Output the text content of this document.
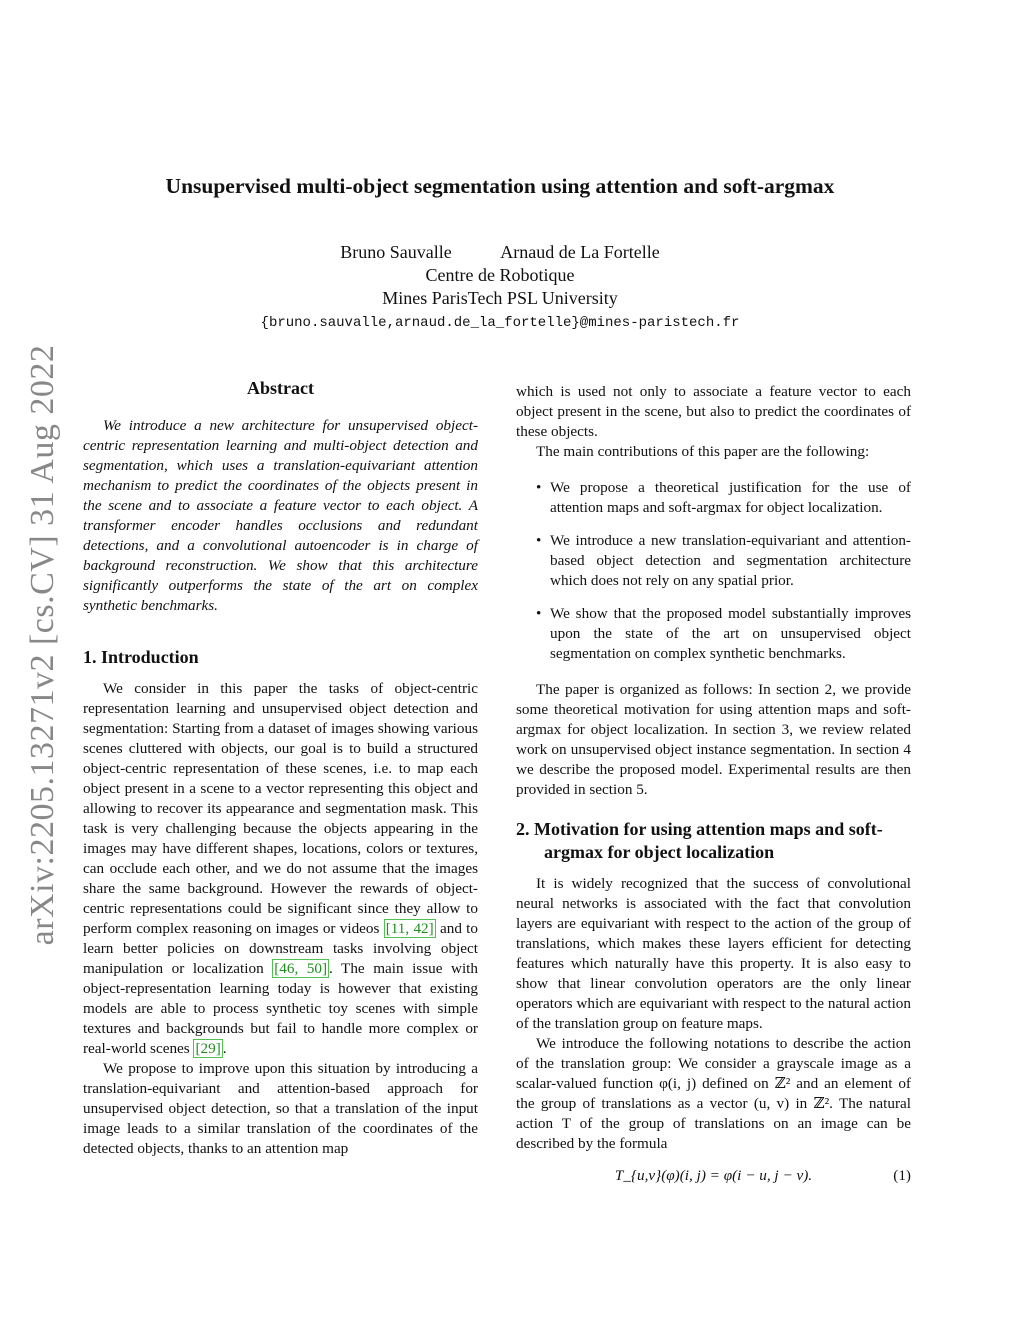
arXiv:2205.13271v2 [cs.CV] 31 Aug 2022
Unsupervised multi-object segmentation using attention and soft-argmax
Bruno Sauvalle	Arnaud de La Fortelle
Centre de Robotique
Mines ParisTech PSL University
{bruno.sauvalle,arnaud.de_la_fortelle}@mines-paristech.fr
Abstract

We introduce a new architecture for unsupervised object-centric representation learning and multi-object detection and segmentation, which uses a translation-equivariant attention mechanism to predict the coordinates of the objects present in the scene and to associate a feature vector to each object. A transformer encoder handles occlusions and redundant detections, and a convolutional autoencoder is in charge of background reconstruction. We show that this architecture significantly outperforms the state of the art on complex synthetic benchmarks.

1. Introduction

We consider in this paper the tasks of object-centric representation learning and unsupervised object detection and segmentation: Starting from a dataset of images showing various scenes cluttered with objects, our goal is to build a structured object-centric representation of these scenes, i.e. to map each object present in a scene to a vector representing this object and allowing to recover its appearance and segmentation mask. This task is very challenging because the objects appearing in the images may have different shapes, locations, colors or textures, can occlude each other, and we do not assume that the images share the same background. However the rewards of object-centric representations could be significant since they allow to perform complex reasoning on images or videos [11, 42] and to learn better policies on downstream tasks involving object manipulation or localization [46, 50] . The main issue with object-representation learning today is however that existing models are able to process synthetic toy scenes with simple textures and backgrounds but fail to handle more complex or real-world scenes [29] .

We propose to improve upon this situation by introducing a translation-equivariant and attention-based approach for unsupervised object detection, so that a translation of the input image leads to a similar translation of the coordinates of the detected objects, thanks to an attention map

which is used not only to associate a feature vector to each object present in the scene, but also to predict the coordinates of these objects.

The main contributions of this paper are the following:

• We propose a theoretical justification for the use of attention maps and soft-argmax for object localization.
• We introduce a new translation-equivariant and attention-based object detection and segmentation architecture which does not rely on any spatial prior.
• We show that the proposed model substantially improves upon the state of the art on unsupervised object segmentation on complex synthetic benchmarks.

The paper is organized as follows: In section 2, we provide some theoretical motivation for using attention maps and soft-argmax for object localization. In section 3, we review related work on unsupervised object instance segmentation. In section 4 we describe the proposed model. Experimental results are then provided in section 5.

2. Motivation for using attention maps and soft-argmax for object localization

It is widely recognized that the success of convolutional neural networks is associated with the fact that convolution layers are equivariant with respect to the action of the group of translations, which makes these layers efficient for detecting features which naturally have this property. It is also easy to show that linear convolution operators are the only linear operators which are equivariant with respect to the natural action of the translation group on feature maps.

We introduce the following notations to describe the action of the translation group: We consider a grayscale image as a scalar-valued function φ(i, j) defined on ℤ² and an element of the group of translations as a vector (u, v) in ℤ². The natural action T of the group of translations on an image can be described by the formula

T_{u,v}(φ)(i, j) = φ(i − u, j − v).	(1)
